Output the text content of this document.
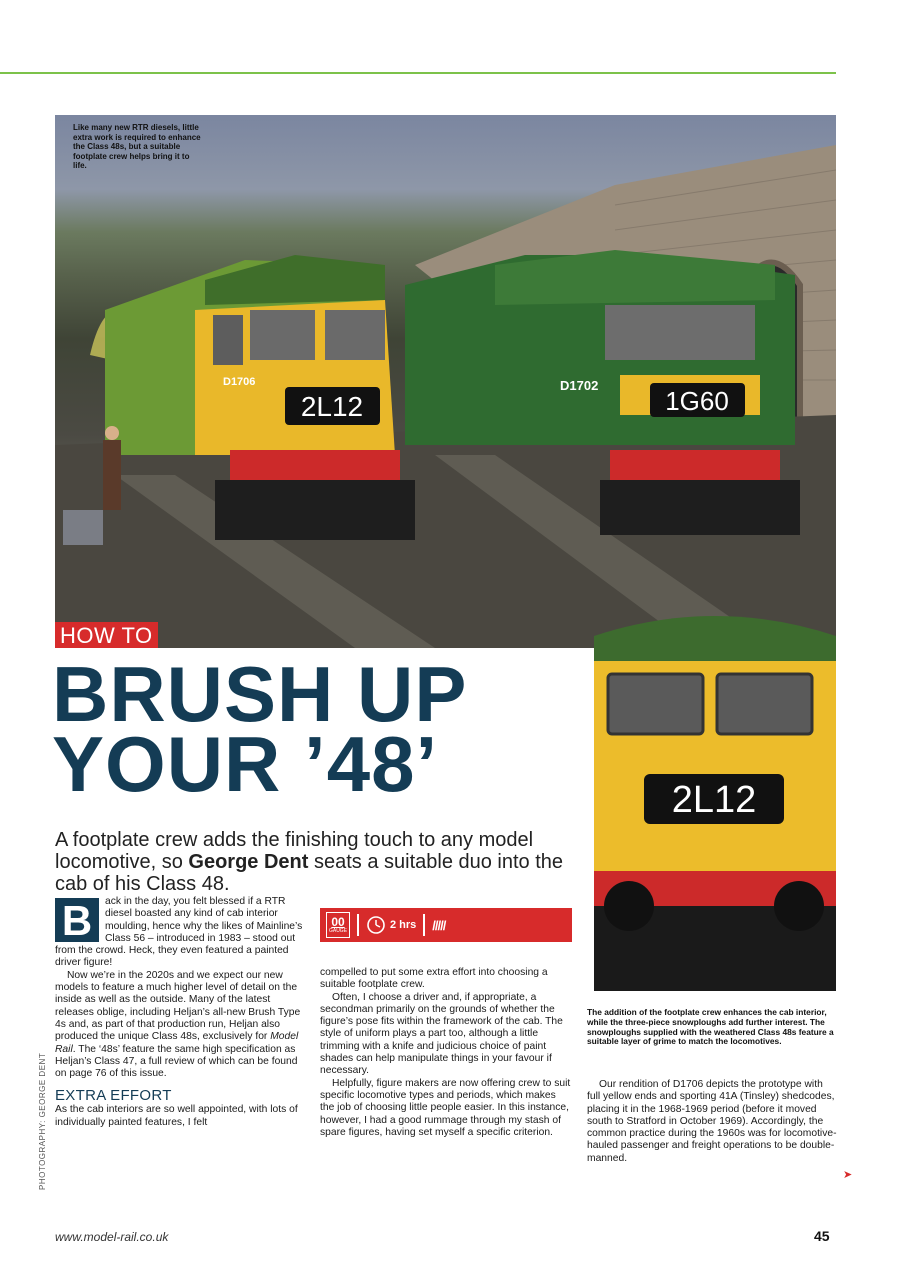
2L12
D1706
1G60
D1702
Like many new RTR diesels, little extra work is required to enhance the Class 48s, but a suitable footplate crew helps bring it to life.
HOW TO
2L12
BRUSH UP
YOUR ’48’
A footplate crew adds the finishing touch to any model locomotive, so George Dent seats a suitable duo into the cab of his Class 48.

B	ack in the day, you felt blessed if a RTR diesel boasted any kind of cab interior moulding, hence why the likes of Mainline’s Class 56 – introduced in 1983 – stood out from the crowd. Heck, they even featured a painted driver figure!

Now we’re in the 2020s and we expect our new models to feature a much higher level of detail on the inside as well as the outside. Many of the latest releases oblige, including Heljan’s all-new Brush Type 4s and, as part of that production run, Heljan also produced the unique Class 48s, exclusively for Model Rail. The ‘48s’ feature the same high specification as Heljan’s Class 47, a full review of which can be found on page 76 of this issue.

EXTRA EFFORT

As the cab interiors are so well appointed, with lots of individually painted features, I felt

00
GAUGE	2 hrs /////

compelled to put some extra effort into choosing a suitable footplate crew.

Often, I choose a driver and, if appropriate, a secondman primarily on the grounds of whether the figure’s pose fits within the framework of the cab. The style of uniform plays a part too, although a little trimming with a knife and judicious choice of paint shades can help manipulate things in your favour if necessary.

Helpfully, figure makers are now offering crew to suit specific locomotive types and periods, which makes the job of choosing little people easier. In this instance, however, I had a good rummage through my stash of spare figures, having set myself a specific criterion.

The addition of the footplate crew enhances the cab interior, while the three-piece snowploughs add further interest. The snowploughs supplied with the weathered Class 48s feature a suitable layer of grime to match the locomotives.

Our rendition of D1706 depicts the prototype with full yellow ends and sporting 41A (Tinsley) shedcodes, placing it in the 1968-1969 period (before it moved south to Stratford in October 1969). Accordingly, the common practice during the 1960s was for locomotive-hauled passenger and freight operations to be double-manned.

PHOTOGRAPHY: GEORGE DENT	➤
www.model-rail.co.uk	45
